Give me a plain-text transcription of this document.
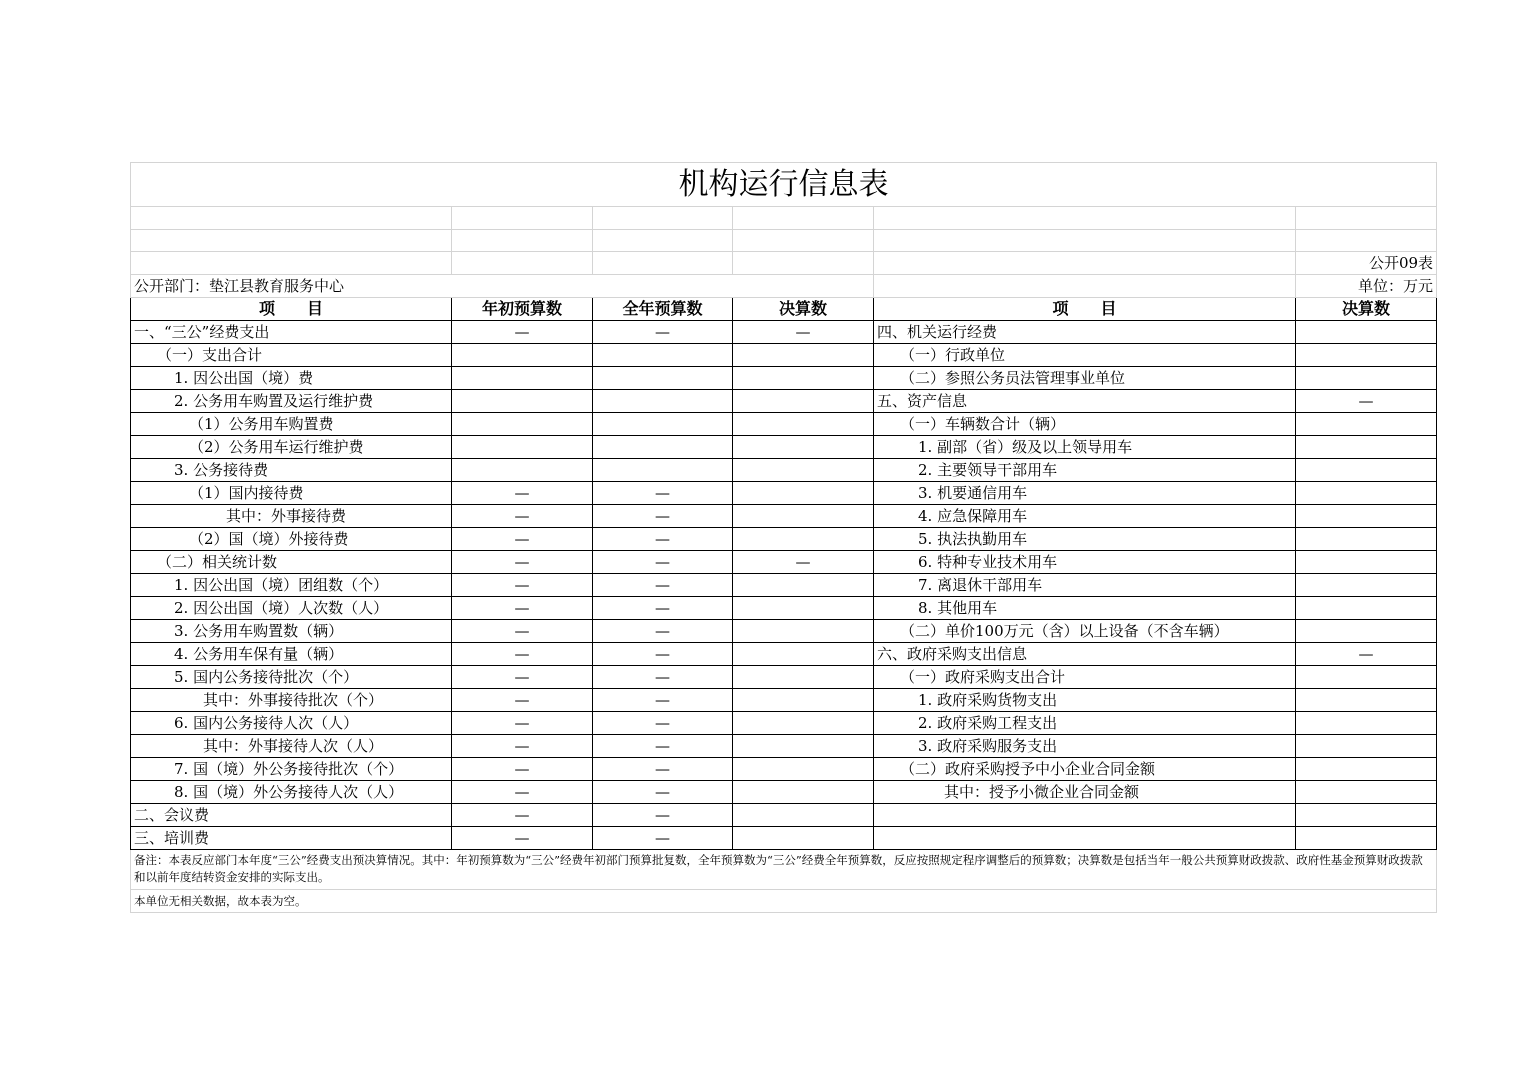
机构运行信息表					

					公开09表
公开部门：垫江县教育服务中心					单位：万元
项　　目	年初预算数	全年预算数	决算数	项　　目	决算数
一、“三公”经费支出	—	—	—	四、机关运行经费	
（一）支出合计				（一）行政单位	
1. 因公出国（境）费				（二）参照公务员法管理事业单位	
2. 公务用车购置及运行维护费				五、资产信息	—
（1）公务用车购置费				（一）车辆数合计（辆）	
（2）公务用车运行维护费				1. 副部（省）级及以上领导用车	
3. 公务接待费				2. 主要领导干部用车	
（1）国内接待费	—	—		3. 机要通信用车	
其中：外事接待费	—	—		4. 应急保障用车	
（2）国（境）外接待费	—	—		5. 执法执勤用车	
（二）相关统计数	—	—	—	6. 特种专业技术用车	
1. 因公出国（境）团组数（个）	—	—		7. 离退休干部用车	
2. 因公出国（境）人次数（人）	—	—		8. 其他用车	
3. 公务用车购置数（辆）	—	—		（二）单价100万元（含）以上设备（不含车辆）	
4. 公务用车保有量（辆）	—	—		六、政府采购支出信息	—
5. 国内公务接待批次（个）	—	—		（一）政府采购支出合计	
其中：外事接待批次（个）	—	—		1. 政府采购货物支出	
6. 国内公务接待人次（人）	—	—		2. 政府采购工程支出	
其中：外事接待人次（人）	—	—		3. 政府采购服务支出	
7. 国（境）外公务接待批次（个）	—	—		（二）政府采购授予中小企业合同金额	
8. 国（境）外公务接待人次（人）	—	—		其中：授予小微企业合同金额	
二、会议费	—	—			
三、培训费	—	—			
备注：本表反应部门本年度“三公”经费支出预决算情况。其中：年初预算数为“三公”经费年初部门预算批复数，全年预算数为“三公”经费全年预算数，反应按照规定程序调整后的预算数；决算数是包括当年一般公共预算财政拨款、政府性基金预算财政拨款和以前年度结转资金安排的实际支出。					
本单位无相关数据，故本表为空。					
